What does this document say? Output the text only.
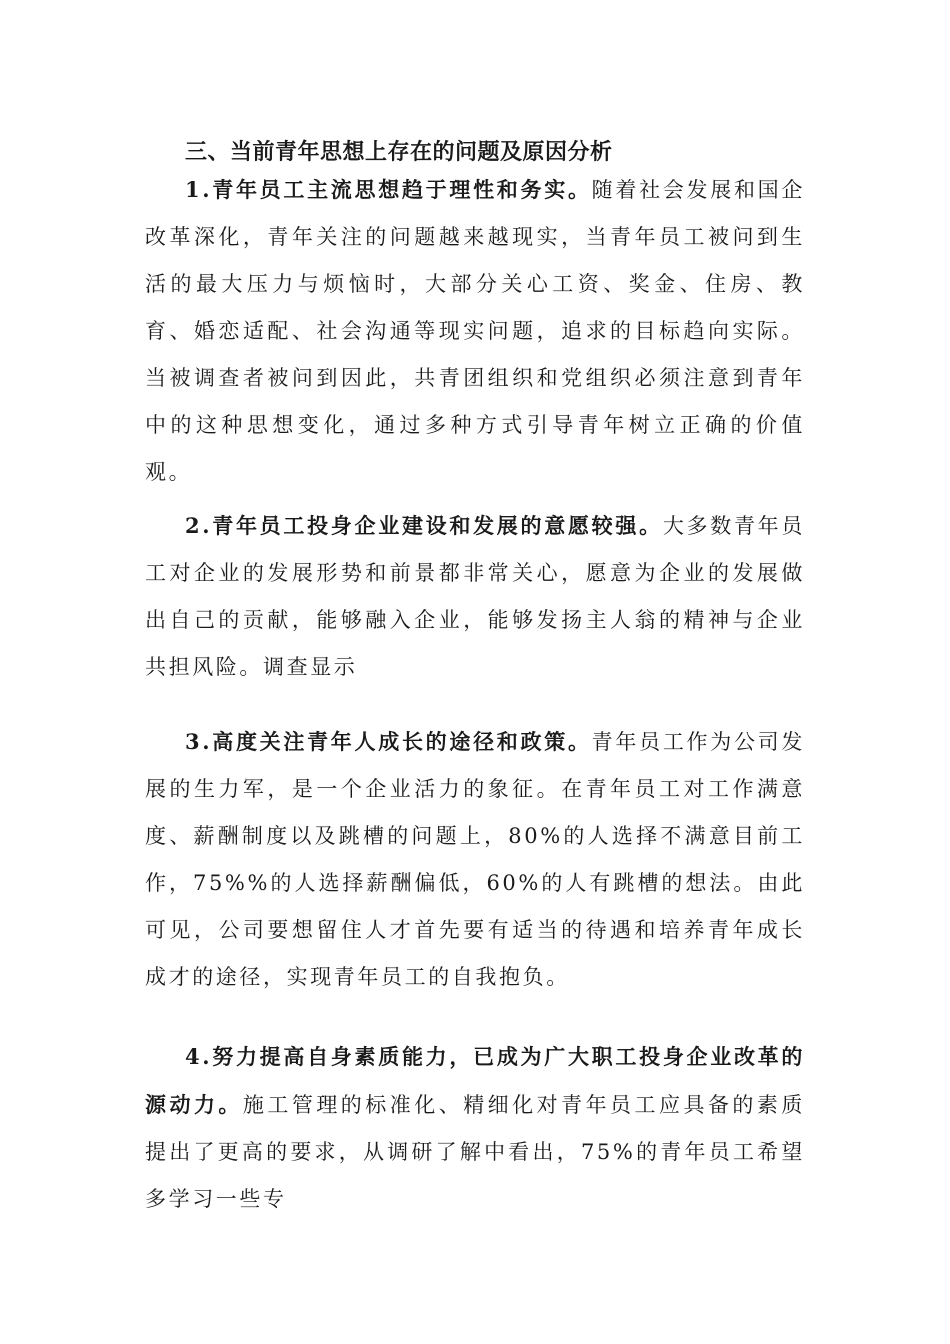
三、当前青年思想上存在的问题及原因分析

1.青年员工主流思想趋于理性和务实。随着社会发展和国企改革深化，青年关注的问题越来越现实，当青年员工被问到生活的最大压力与烦恼时，大部分关心工资、奖金、住房、教育、婚恋适配、社会沟通等现实问题，追求的目标趋向实际。当被调查者被问到因此，共青团组织和党组织必须注意到青年中的这种思想变化，通过多种方式引导青年树立正确的价值观。

2.青年员工投身企业建设和发展的意愿较强。大多数青年员工对企业的发展形势和前景都非常关心，愿意为企业的发展做出自己的贡献，能够融入企业，能够发扬主人翁的精神与企业共担风险。调查显示

3.高度关注青年人成长的途径和政策。青年员工作为公司发展的生力军，是一个企业活力的象征。在青年员工对工作满意度、薪酬制度以及跳槽的问题上，80%的人选择不满意目前工作，75%%的人选择薪酬偏低，60%的人有跳槽的想法。由此可见，公司要想留住人才首先要有适当的待遇和培养青年成长成才的途径，实现青年员工的自我抱负。

4.努力提高自身素质能力，已成为广大职工投身企业改革的源动力。施工管理的标准化、精细化对青年员工应具备的素质提出了更高的要求，从调研了解中看出，75%的青年员工希望多学习一些专
